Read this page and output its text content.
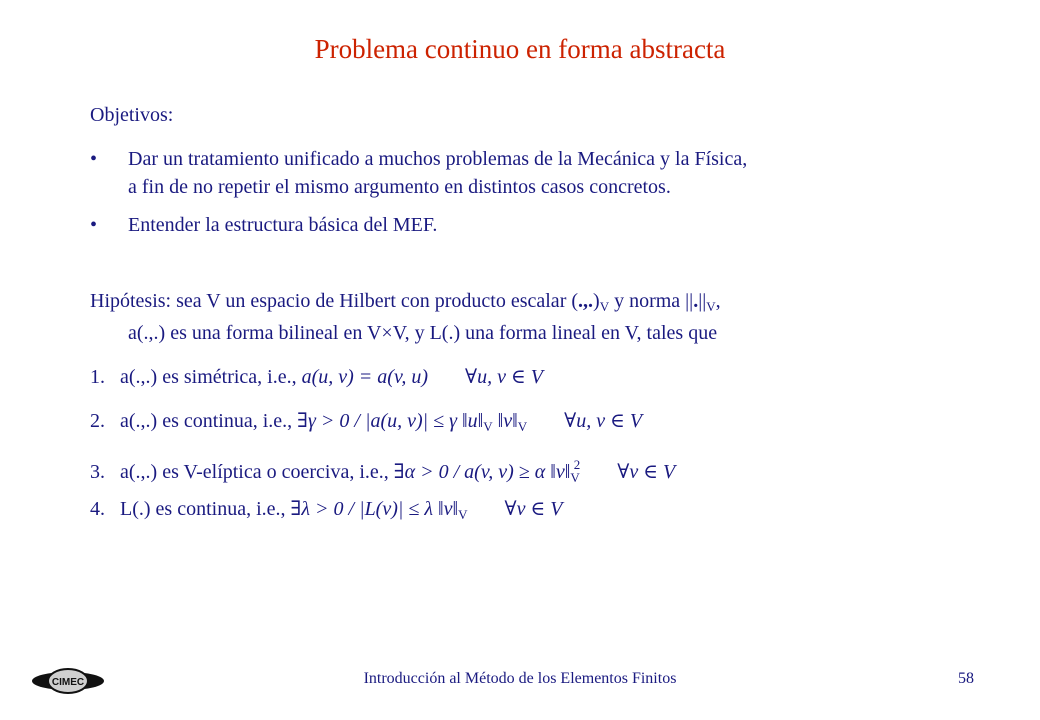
Problema continuo en forma abstracta
Objetivos:
• Dar un tratamiento unificado a muchos problemas de la Mecánica y la Física,
a fin de no repetir el mismo argumento en distintos casos concretos.
• Entender la estructura básica del MEF.
Hipótesis: sea V un espacio de Hilbert con producto escalar $(.,.)_V$ y norma $||.||_V$,
a(.,.) es una forma bilineal en V×V, y L(.) una forma lineal en V, tales que
1. a(.,.) es simétrica, i.e., a(u, v) = a(v, u) ∀u, v ∈ V
2. a(.,.) es continua, i.e., ∃γ > 0 / |a(u, v)| ≤ γ $‖u‖_V$ $‖v‖_V$ ∀u, v ∈ V
3. a(.,.) es V-elíptica o coerciva, i.e., ∃α > 0 / a(v, v) ≥ α $‖v‖_V^2$ ∀v ∈ V
4. L(.) es continua, i.e., ∃λ > 0 / |L(v)| ≤ λ $‖v‖_V$ ∀v ∈ V
CIMEC	Introducción al Método de los Elementos Finitos	58
